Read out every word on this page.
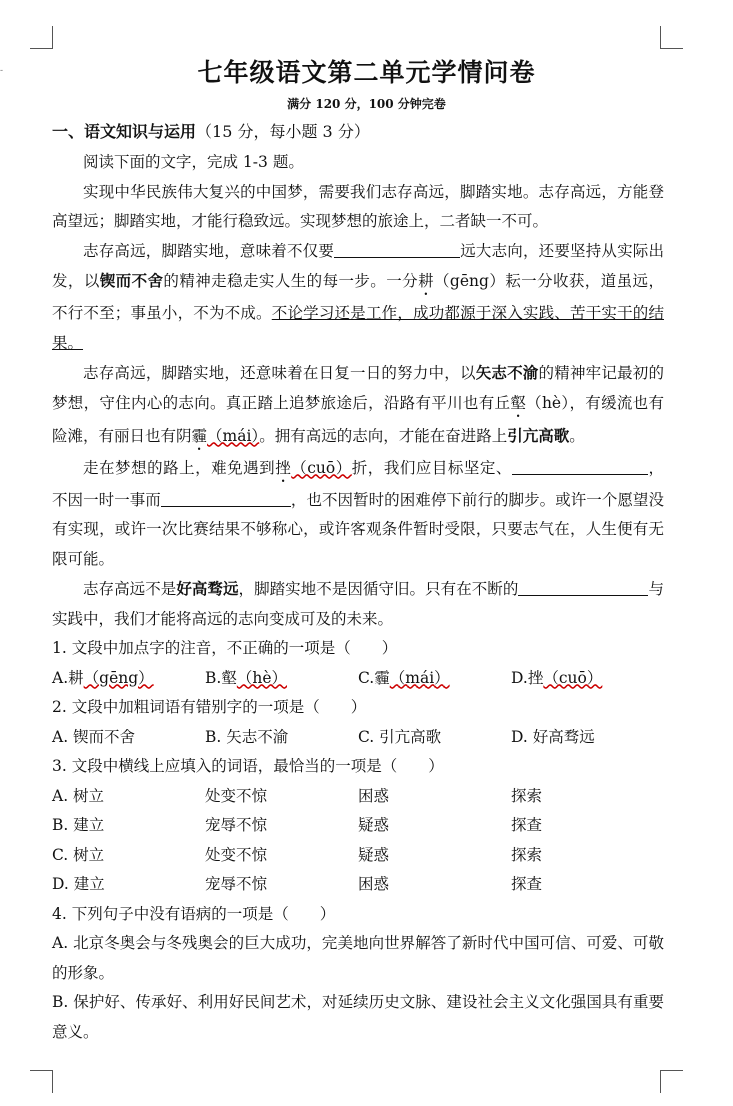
-	七年级语文第二单元学情问卷
满分 120 分，100 分钟完卷
一、语文知识与运用（15 分，每小题 3 分）

阅读下面的文字，完成 1-3 题。

实现中华民族伟大复兴的中国梦，需要我们志存高远，脚踏实地。志存高远，方能登高望远；脚踏实地，才能行稳致远。实现梦想的旅途上，二者缺一不可。

志存高远，脚踏实地，意味着不仅要	远大志向，还要坚持从实际出发，以锲而不舍的精神走稳走实人生的每一步。一分耕（gēng）耘一分收获，道虽远，不行不至；事虽小，不为不成。不论学习还是工作，成功都源于深入实践、苦干实干的结果。

志存高远，脚踏实地，还意味着在日复一日的努力中，以矢志不渝的精神牢记最初的梦想，守住内心的志向。真正踏上追梦旅途后，沿路有平川也有丘壑（hè），有缓流也有险滩，有丽日也有阴霾（mái）。拥有高远的志向，才能在奋进路上引亢高歌。

走在梦想的路上，难免遇到挫（cuō）折，我们应目标坚定、	，不因一时一事而	，也不因暂时的困难停下前行的脚步。或许一个愿望没有实现，或许一次比赛结果不够称心，或许客观条件暂时受限，只要志气在，人生便有无限可能。

志存高远不是好高骛远，脚踏实地不是因循守旧。只有在不断的	与实践中，我们才能将高远的志向变成可及的未来。

1. 文段中加点字的注音，不正确的一项是（　　）

A.耕（gēng）	B.壑（hè）	C.霾（mái）	D.挫（cuō）

2. 文段中加粗词语有错别字的一项是（　　）

A. 锲而不舍	B. 矢志不渝	C. 引亢高歌	D. 好高骛远

3. 文段中横线上应填入的词语，最恰当的一项是（　　）

A. 树立	处变不惊	困惑	探索

B. 建立	宠辱不惊	疑惑	探查

C. 树立	处变不惊	疑惑	探索

D. 建立	宠辱不惊	困惑	探查

4. 下列句子中没有语病的一项是（　　）

A. 北京冬奥会与冬残奥会的巨大成功，完美地向世界解答了新时代中国可信、可爱、可敬的形象。

B. 保护好、传承好、利用好民间艺术，对延续历史文脉、建设社会主义文化强国具有重要意义。
